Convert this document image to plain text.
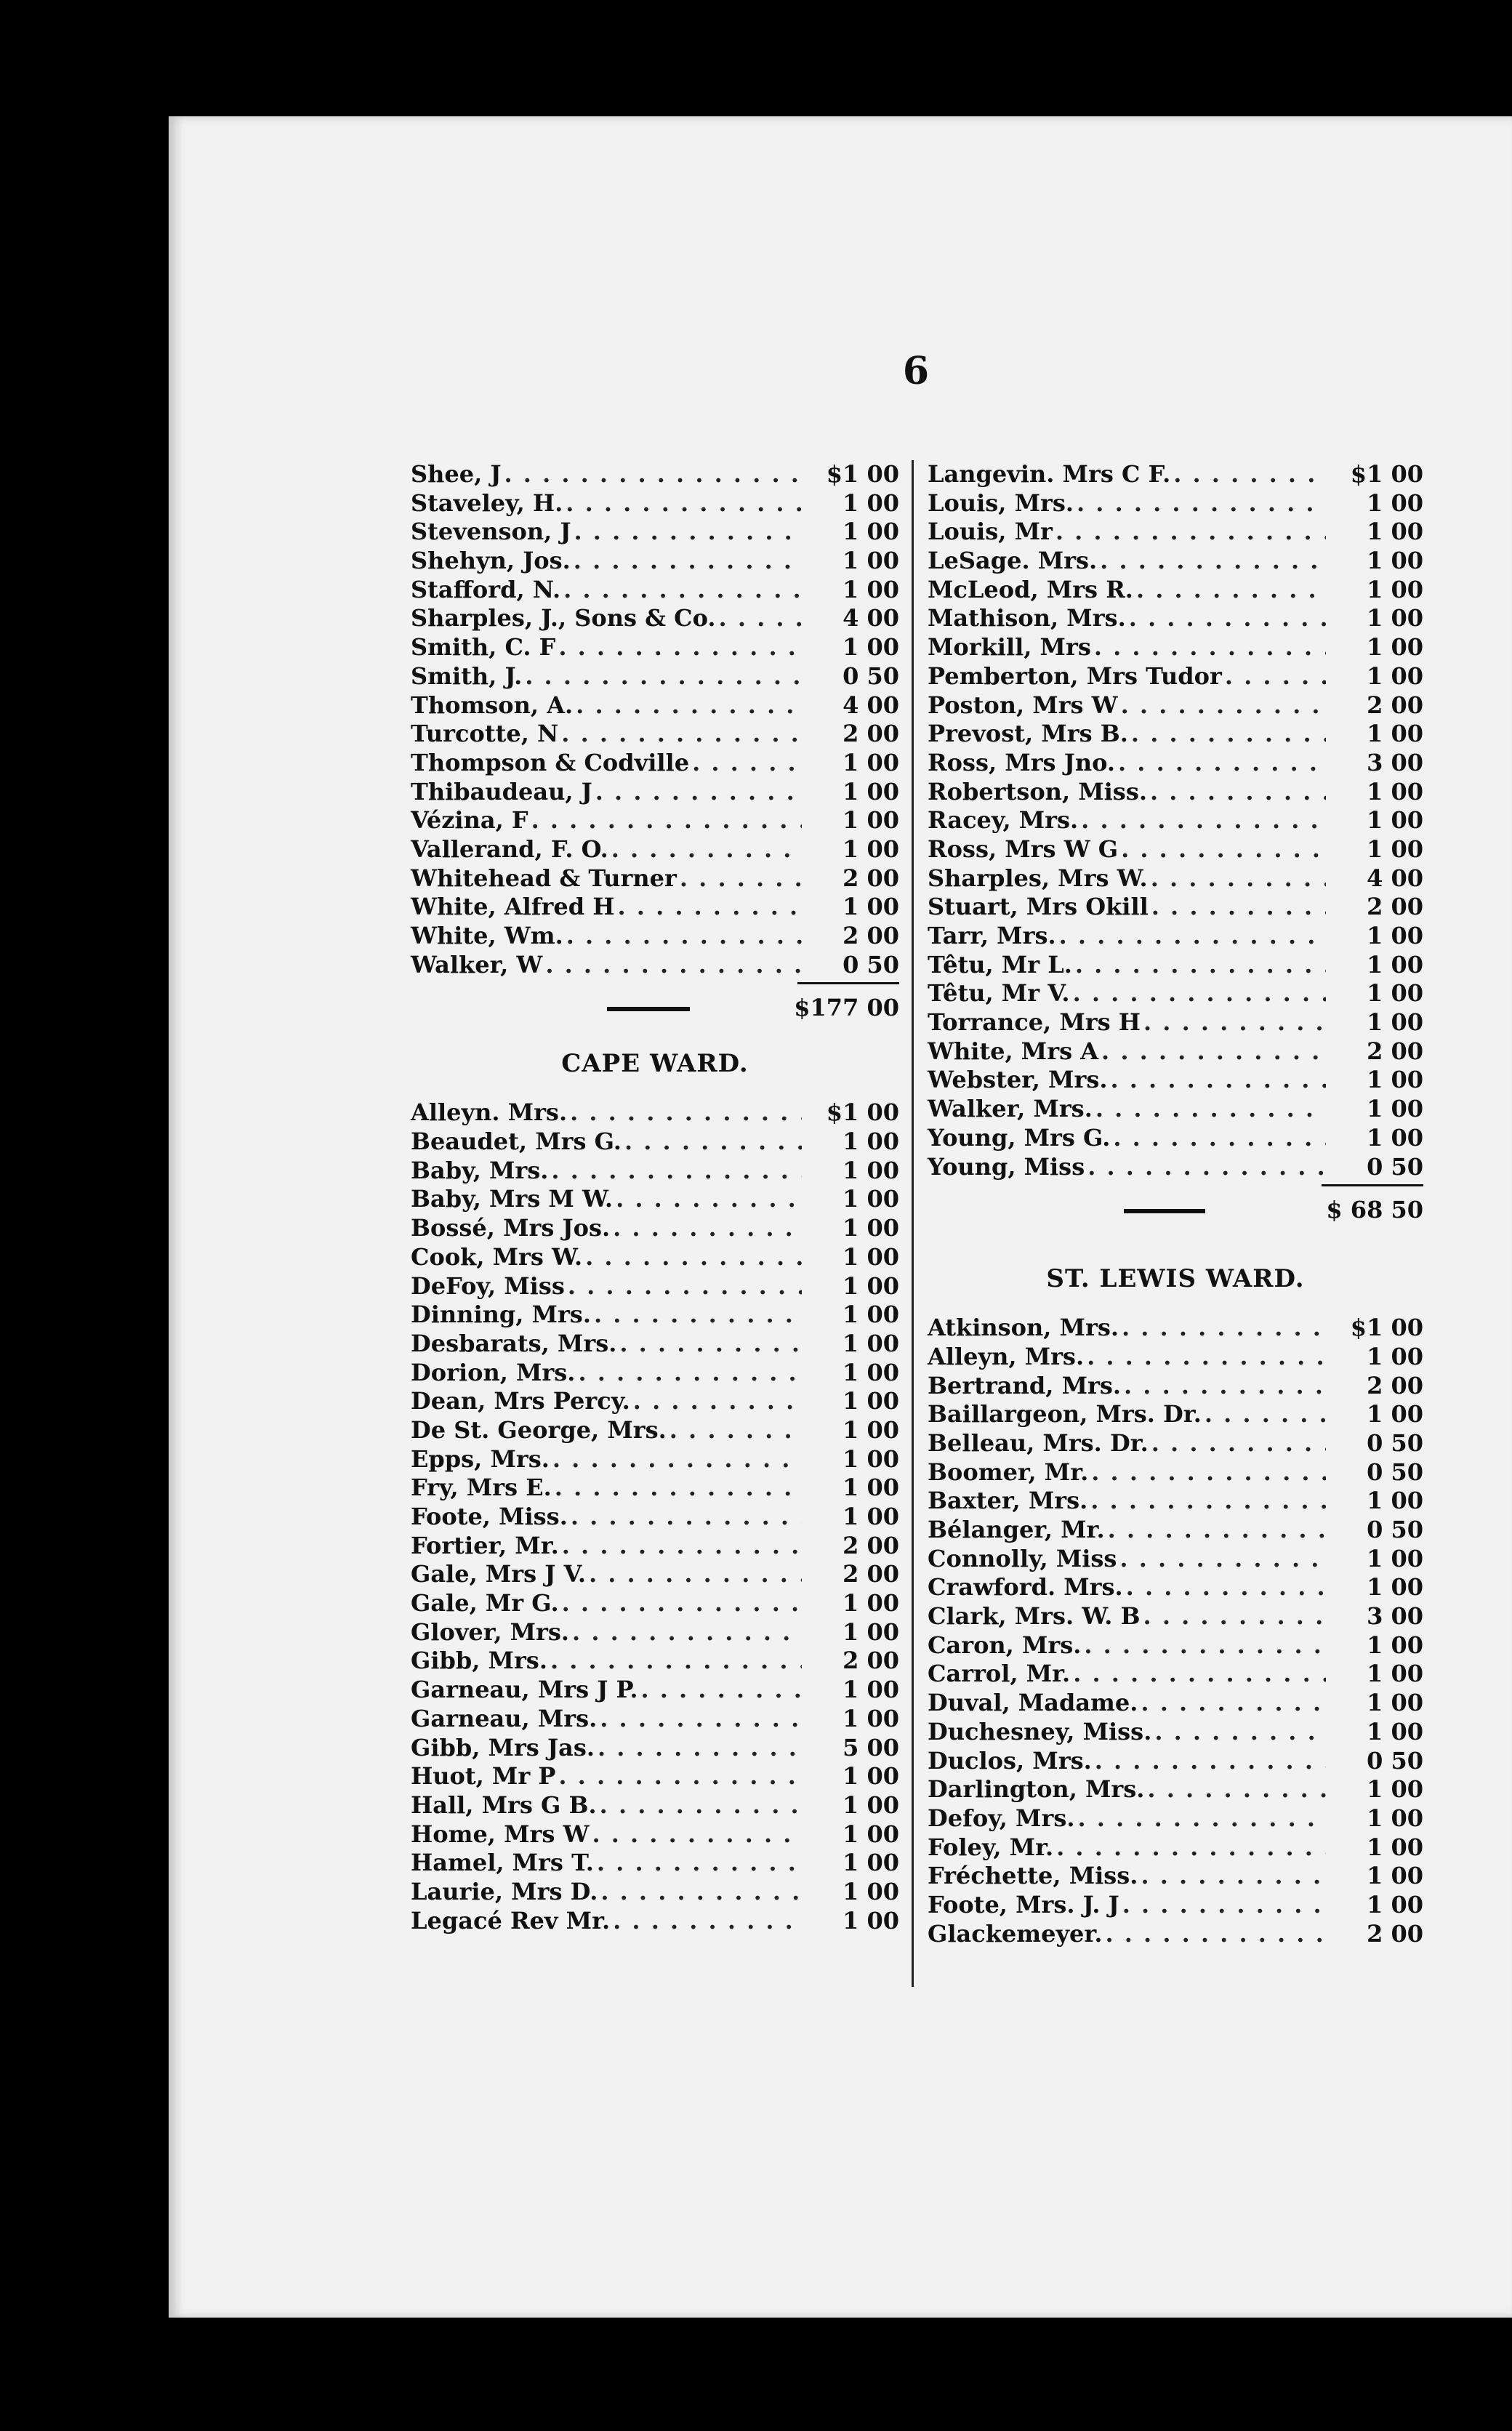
6
Shee, J . . .	$1 00
Staveley, H. . . .	1 00
Stevenson, J . . .	1 00
Shehyn, Jos. . . .	1 00
Stafford, N. . . .	1 00
Sharples, J., Sons & Co. . . .	4 00
Smith, C. F . . .	1 00
Smith, J. . . .	0 50
Thomson, A. . . .	4 00
Turcotte, N . . .	2 00
Thompson & Codville . . .	1 00
Thibaudeau, J . . .	1 00
Vézina, F . . .	1 00
Vallerand, F. O. . . .	1 00
Whitehead & Turner . . .	2 00
White, Alfred H . . .	1 00
White, Wm. . . .	2 00
Walker, W . . .	0 50
$177 00
CAPE WARD.
Alleyn. Mrs. . . .	$1 00
Beaudet, Mrs G. . . .	1 00
Baby, Mrs. . . .	1 00
Baby, Mrs M W. . . .	1 00
Bossé, Mrs Jos. . . .	1 00
Cook, Mrs W. . . .	1 00
DeFoy, Miss . . .	1 00
Dinning, Mrs. . . .	1 00
Desbarats, Mrs. . . .	1 00
Dorion, Mrs. . . .	1 00
Dean, Mrs Percy. . . .	1 00
De St. George, Mrs. . . .	1 00
Epps, Mrs. . . .	1 00
Fry, Mrs E. . . .	1 00
Foote, Miss. . . .	1 00
Fortier, Mr. . . .	2 00
Gale, Mrs J V. . . .	2 00
Gale, Mr G. . . .	1 00
Glover, Mrs. . . .	1 00
Gibb, Mrs. . . .	2 00
Garneau, Mrs J P. . . .	1 00
Garneau, Mrs. . . .	1 00
Gibb, Mrs Jas. . . .	5 00
Huot, Mr P . . .	1 00
Hall, Mrs G B. . . .	1 00
Home, Mrs W . . .	1 00
Hamel, Mrs T. . . .	1 00
Laurie, Mrs D. . . .	1 00
Legacé Rev Mr. . . .	1 00
Langevin. Mrs C F. . . .	$1 00
Louis, Mrs. . . .	1 00
Louis, Mr . . .	1 00
LeSage. Mrs. . . .	1 00
McLeod, Mrs R. . . .	1 00
Mathison, Mrs. . . .	1 00
Morkill, Mrs . . .	1 00
Pemberton, Mrs Tudor . . .	1 00
Poston, Mrs W . . .	2 00
Prevost, Mrs B. . . .	1 00
Ross, Mrs Jno. . . .	3 00
Robertson, Miss. . . .	1 00
Racey, Mrs. . . .	1 00
Ross, Mrs W G . . .	1 00
Sharples, Mrs W. . . .	4 00
Stuart, Mrs Okill . . .	2 00
Tarr, Mrs. . . .	1 00
Têtu, Mr L. . . .	1 00
Têtu, Mr V. . . .	1 00
Torrance, Mrs H . . .	1 00
White, Mrs A . . .	2 00
Webster, Mrs. . . .	1 00
Walker, Mrs. . . .	1 00
Young, Mrs G. . . .	1 00
Young, Miss . . .	0 50
$ 68 50
ST. LEWIS WARD.
Atkinson, Mrs. . . .	$1 00
Alleyn, Mrs. . . .	1 00
Bertrand, Mrs. . . .	2 00
Baillargeon, Mrs. Dr. . . .	1 00
Belleau, Mrs. Dr. . . .	0 50
Boomer, Mr. . . .	0 50
Baxter, Mrs. . . .	1 00
Bélanger, Mr. . . .	0 50
Connolly, Miss . . .	1 00
Crawford. Mrs. . . .	1 00
Clark, Mrs. W. B . . .	3 00
Caron, Mrs. . . .	1 00
Carrol, Mr. . . .	1 00
Duval, Madame. . . .	1 00
Duchesney, Miss. . . .	1 00
Duclos, Mrs. . . .	0 50
Darlington, Mrs. . . .	1 00
Defoy, Mrs. . . .	1 00
Foley, Mr. . . .	1 00
Fréchette, Miss. . . .	1 00
Foote, Mrs. J. J . . .	1 00
Glackemeyer. . . .	2 00
